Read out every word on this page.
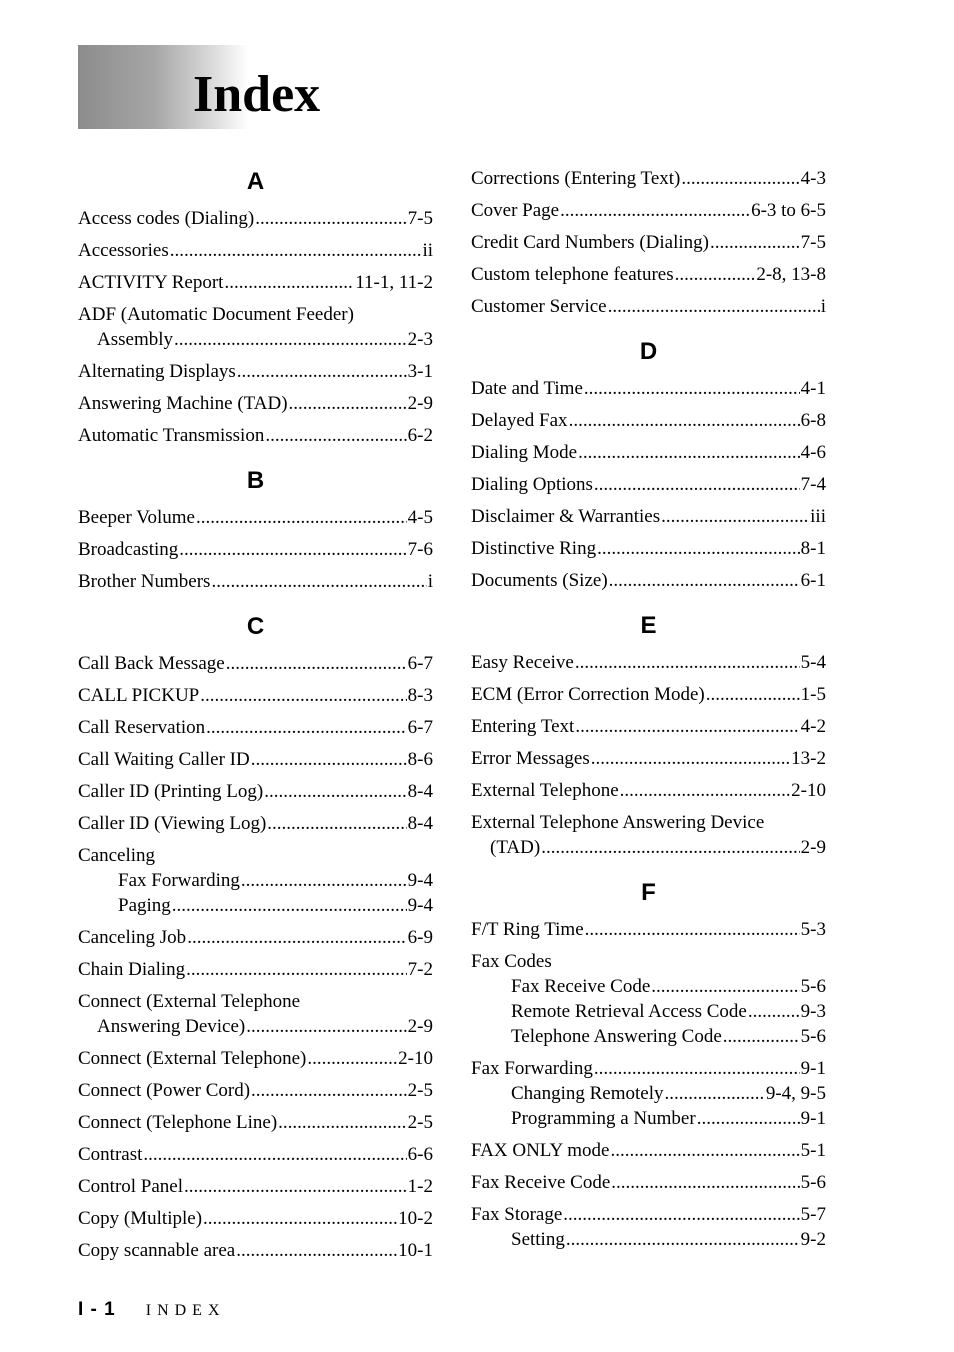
Index
A
Access codes (Dialing) .....	7-5
Accessories .....	ii
ACTIVITY Report .....	11-1, 11-2
ADF (Automatic Document Feeder)
Assembly .....	2-3
Alternating Displays .....	3-1
Answering Machine (TAD) .....	2-9
Automatic Transmission .....	6-2
B
Beeper Volume .....	4-5
Broadcasting .....	7-6
Brother Numbers .....	i
C
Call Back Message .....	6-7
CALL PICKUP .....	8-3
Call Reservation .....	6-7
Call Waiting Caller ID .....	8-6
Caller ID (Printing Log) .....	8-4
Caller ID (Viewing Log) .....	8-4
Canceling
Fax Forwarding .....	9-4
Paging .....	9-4
Canceling Job .....	6-9
Chain Dialing .....	7-2
Connect (External Telephone
Answering Device) .....	2-9
Connect (External Telephone) .....	2-10
Connect (Power Cord) .....	2-5
Connect (Telephone Line) .....	2-5
Contrast .....	6-6
Control Panel .....	1-2
Copy (Multiple) .....	10-2
Copy scannable area .....	10-1
Corrections (Entering Text) .....	4-3
Cover Page .....	6-3 to 6-5
Credit Card Numbers (Dialing) .....	7-5
Custom telephone features .....	2-8, 13-8
Customer Service .....	i
D
Date and Time .....	4-1
Delayed Fax .....	6-8
Dialing Mode .....	4-6
Dialing Options .....	7-4
Disclaimer & Warranties .....	iii
Distinctive Ring .....	8-1
Documents (Size) .....	6-1
E
Easy Receive .....	5-4
ECM (Error Correction Mode) .....	1-5
Entering Text .....	4-2
Error Messages .....	13-2
External Telephone .....	2-10
External Telephone Answering Device
(TAD) .....	2-9
F
F/T Ring Time .....	5-3
Fax Codes
Fax Receive Code .....	5-6
Remote Retrieval Access Code .....	9-3
Telephone Answering Code .....	5-6
Fax Forwarding .....	9-1
Changing Remotely .....	9-4, 9-5
Programming a Number .....	9-1
FAX ONLY mode .....	5-1
Fax Receive Code .....	5-6
Fax Storage .....	5-7
Setting .....	9-2
I - 1 INDEX
